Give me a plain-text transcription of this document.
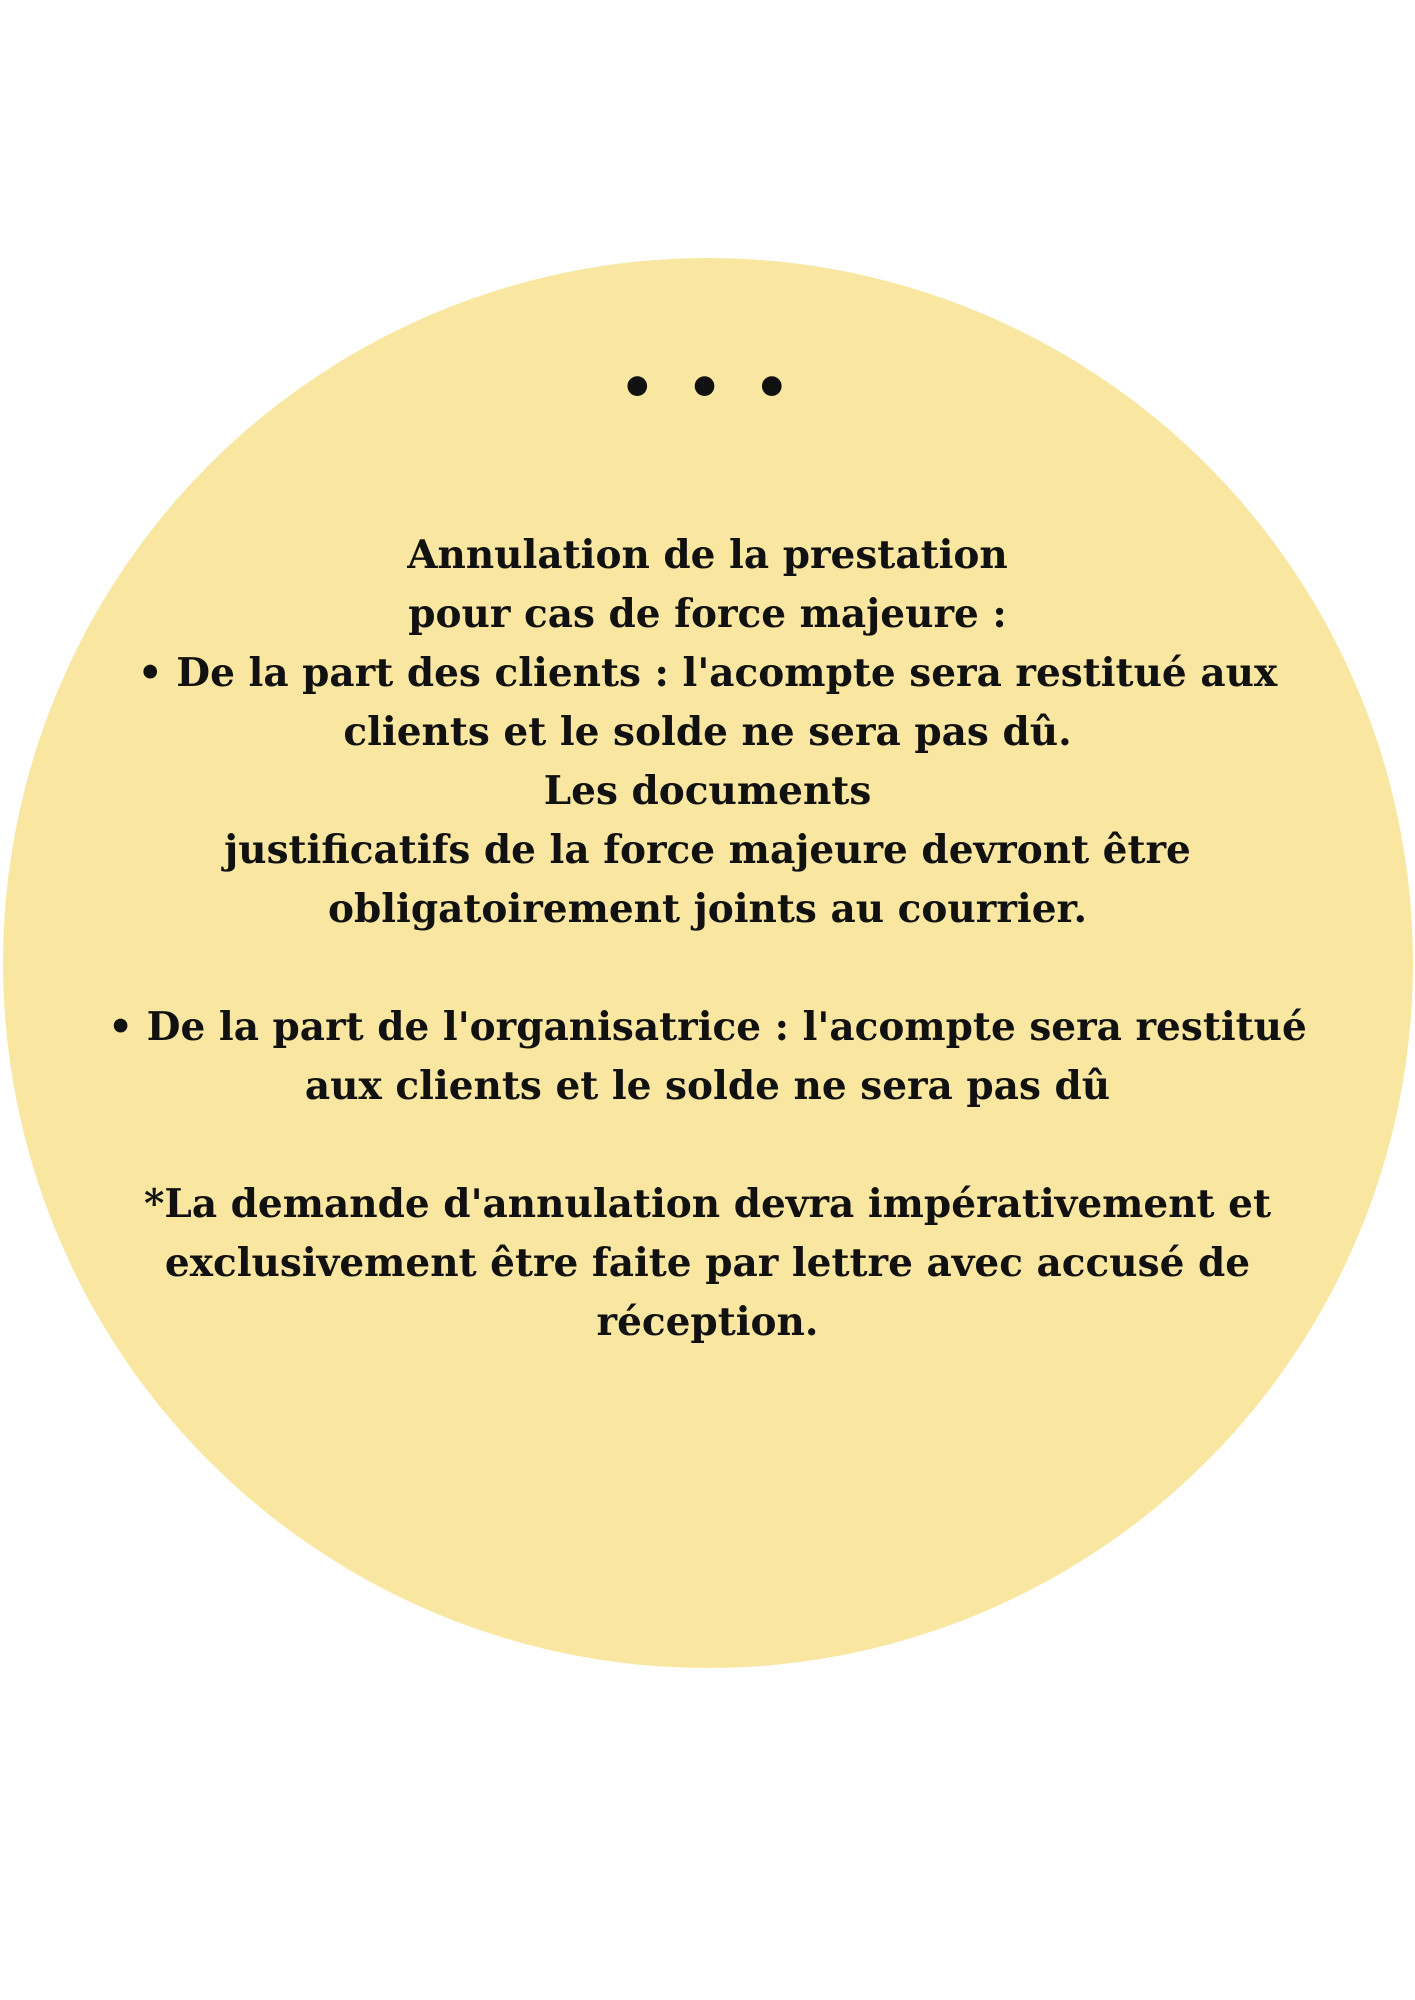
• • •
Annulation de la prestation
pour cas de force majeure :
• De la part des clients : l'acompte sera restitué aux
clients et le solde ne sera pas dû.
Les documents
justificatifs de la force majeure devront être
obligatoirement joints au courrier.
• De la part de l'organisatrice : l'acompte sera restitué
aux clients et le solde ne sera pas dû
*La demande d'annulation devra impérativement et
exclusivement être faite par lettre avec accusé de
réception.
